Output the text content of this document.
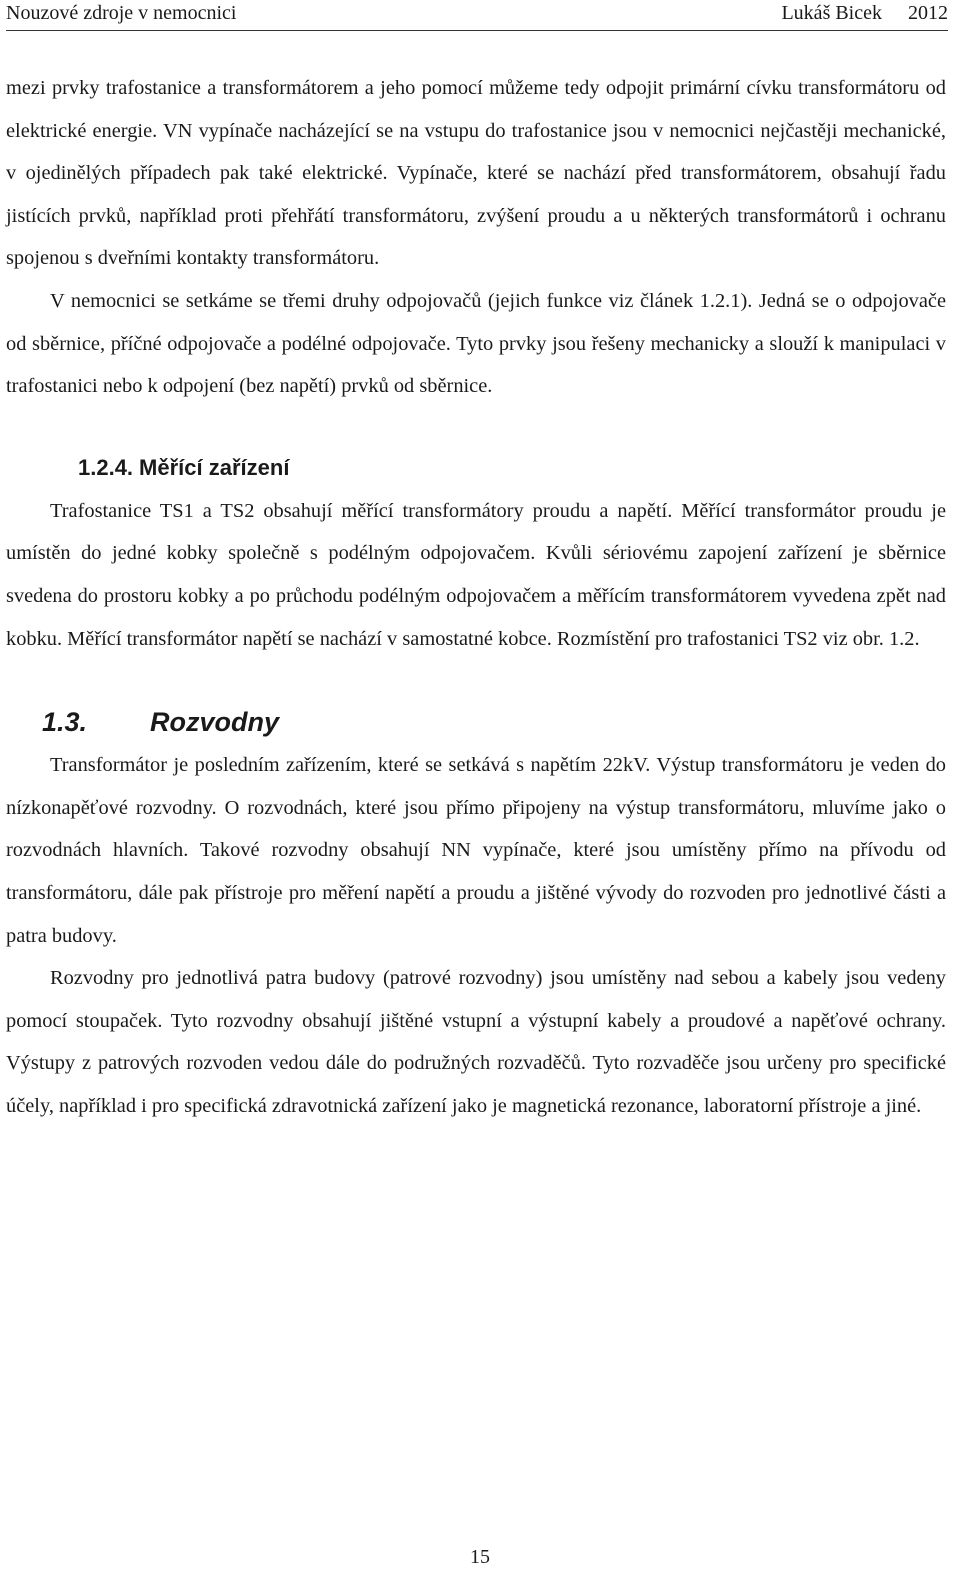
Nouzové zdroje v nemocnici	Lukáš Bicek 2012

mezi prvky trafostanice a transformátorem a jeho pomocí můžeme tedy odpojit primární cívku transformátoru od elektrické energie. VN vypínače nacházející se na vstupu do trafostanice jsou v nemocnici nejčastěji mechanické, v ojedinělých případech pak také elektrické. Vypínače, které se nachází před transformátorem, obsahují řadu jistících prvků, například proti přehřátí transformátoru, zvýšení proudu a u některých transformátorů i ochranu spojenou s dveřními kontakty transformátoru.

V nemocnici se setkáme se třemi druhy odpojovačů (jejich funkce viz článek 1.2.1). Jedná se o odpojovače od sběrnice, příčné odpojovače a podélné odpojovače. Tyto prvky jsou řešeny mechanicky a slouží k manipulaci v trafostanici nebo k odpojení (bez napětí) prvků od sběrnice.

1.2.4. Měřící zařízení

Trafostanice TS1 a TS2 obsahují měřící transformátory proudu a napětí. Měřící transformátor proudu je umístěn do jedné kobky společně s podélným odpojovačem. Kvůli sériovému zapojení zařízení je sběrnice svedena do prostoru kobky a po průchodu podélným odpojovačem a měřícím transformátorem vyvedena zpět nad kobku. Měřící transformátor napětí se nachází v samostatné kobce. Rozmístění pro trafostanici TS2 viz obr. 1.2.

1.3. Rozvodny

Transformátor je posledním zařízením, které se setkává s napětím 22kV. Výstup transformátoru je veden do nízkonapěťové rozvodny. O rozvodnách, které jsou přímo připojeny na výstup transformátoru, mluvíme jako o rozvodnách hlavních. Takové rozvodny obsahují NN vypínače, které jsou umístěny přímo na přívodu od transformátoru, dále pak přístroje pro měření napětí a proudu a jištěné vývody do rozvoden pro jednotlivé části a patra budovy.

Rozvodny pro jednotlivá patra budovy (patrové rozvodny) jsou umístěny nad sebou a kabely jsou vedeny pomocí stoupaček. Tyto rozvodny obsahují jištěné vstupní a výstupní kabely a proudové a napěťové ochrany. Výstupy z patrových rozvoden vedou dále do podružných rozvaděčů. Tyto rozvaděče jsou určeny pro specifické účely, například i pro specifická zdravotnická zařízení jako je magnetická rezonance, laboratorní přístroje a jiné.

15
